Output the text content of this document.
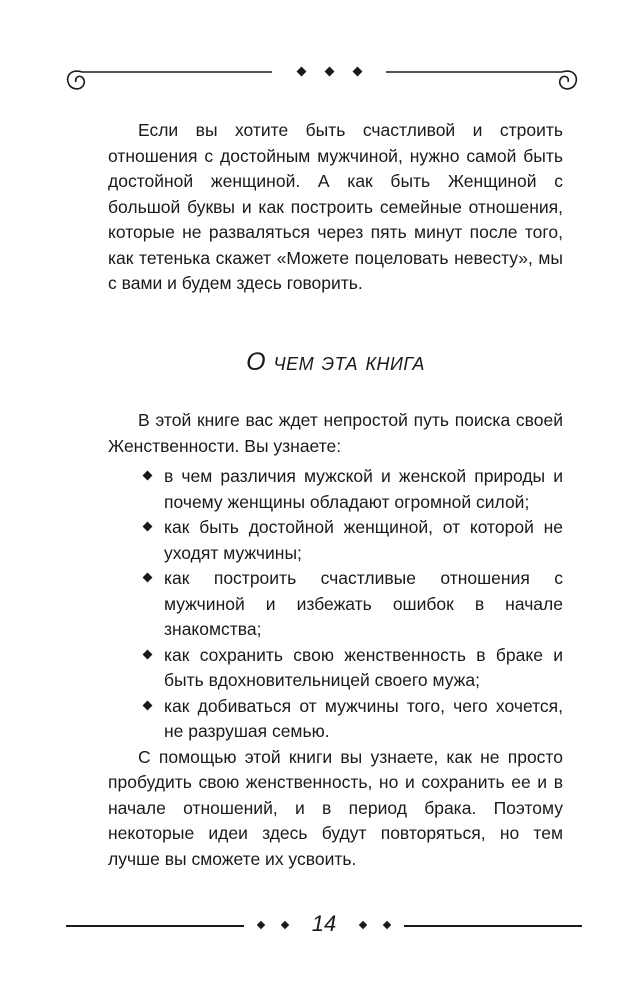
Если вы хотите быть счастливой и строить отношения с достойным мужчиной, нужно самой быть достойной женщиной. А как быть Женщиной с большой буквы и как построить семейные отношения, которые не разваляться через пять минут после того, как тетенька скажет «Можете поцеловать невесту», мы с вами и будем здесь говорить.

О чем эта книга

В этой книге вас ждет непростой путь поиска своей Женственности. Вы узнаете:

в чем различия мужской и женской природы и почему женщины обладают огромной силой;
как быть достойной женщиной, от которой не уходят мужчины;
как построить счастливые отношения с мужчиной и избежать ошибок в начале знакомства;
как сохранить свою женственность в браке и быть вдохновительницей своего мужа;
как добиваться от мужчины того, чего хочется, не разрушая семью.

С помощью этой книги вы узнаете, как не просто пробудить свою женственность, но и сохранить ее и в начале отношений, и в период брака. Поэтому некоторые идеи здесь будут повторяться, но тем лучше вы сможете их усвоить.

14
